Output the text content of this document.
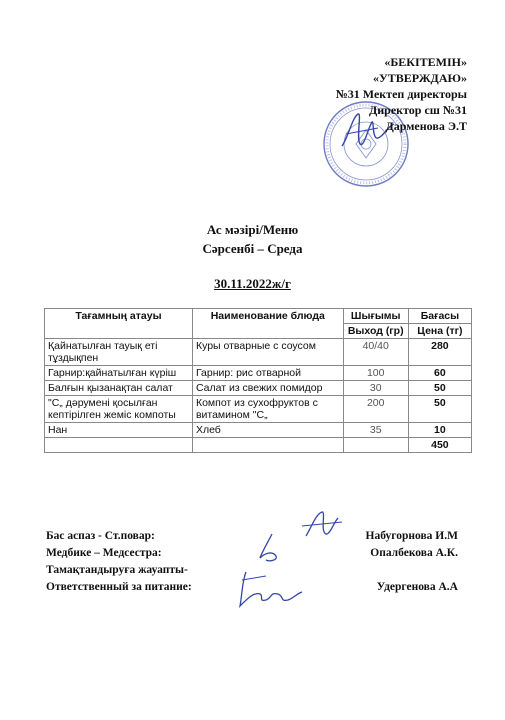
«БЕКІТЕМІН»
«УТВЕРЖДАЮ»
№31 Мектеп директоры
Директор сш №31
Дарменова Э.Т
Ас мәзірі/Меню
Сәрсенбі – Среда
30.11.2022ж/г
Тағамның атауы	Наименование блюда	Шығымы	Бағасы
		Выход (гр)	Цена (тг)
Қайнатылған тауық еті тұздықпен	Куры отварные с соусом	40/40	280
Гарнир:қайнатылған күріш	Гарнир: рис отварной	100	60
Балғын қызанақтан салат	Салат из свежих помидор	30	50
"С„ дәрумені қосылған кептірілген жеміс компоты	Компот из сухофруктов с витамином "С„	200	50
Нан	Хлеб	35	10
			450
Бас аспаз - Ст.повар:	Набугорнова И.М
Медбике – Медсестра:	Опалбекова А.К.
Тамақтандыруға жауапты-
Ответственный за питание:	Удергенова А.А
